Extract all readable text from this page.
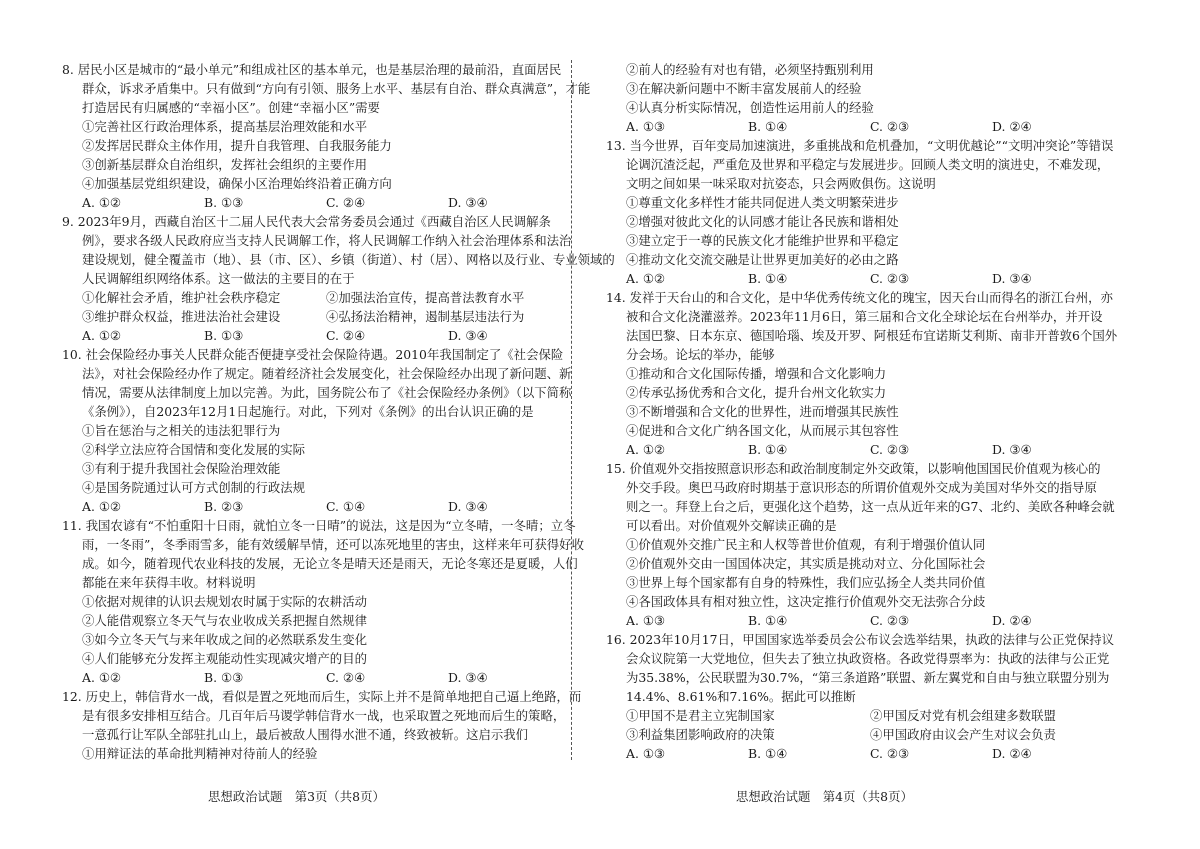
8. 居民小区是城市的“最小单元”和组成社区的基本单元，也是基层治理的最前沿，直面居民
群众，诉求矛盾集中。只有做到“方向有引领、服务上水平、基层有自治、群众真满意”，才能
打造居民有归属感的“幸福小区”。创建“幸福小区”需要
①完善社区行政治理体系，提高基层治理效能和水平
②发挥居民群众主体作用，提升自我管理、自我服务能力
③创新基层群众自治组织，发挥社会组织的主要作用
④加强基层党组织建设，确保小区治理始终沿着正确方向
A. ①②	B. ①③	C. ②④	D. ③④
9. 2023年9月，西藏自治区十二届人民代表大会常务委员会通过《西藏自治区人民调解条
例》，要求各级人民政府应当支持人民调解工作，将人民调解工作纳入社会治理体系和法治
建设规划，健全覆盖市（地）、县（市、区）、乡镇（街道）、村（居）、网格以及行业、专业领域的
人民调解组织网络体系。这一做法的主要目的在于
①化解社会矛盾，维护社会秩序稳定	②加强法治宣传，提高普法教育水平
③维护群众权益，推进法治社会建设	④弘扬法治精神，遏制基层违法行为
A. ①②	B. ①③	C. ②④	D. ③④
10. 社会保险经办事关人民群众能否便捷享受社会保险待遇。2010年我国制定了《社会保险
法》，对社会保险经办作了规定。随着经济社会发展变化，社会保险经办出现了新问题、新
情况，需要从法律制度上加以完善。为此，国务院公布了《社会保险经办条例》（以下简称
《条例》），自2023年12月1日起施行。对此，下列对《条例》的出台认识正确的是
①旨在惩治与之相关的违法犯罪行为
②科学立法应符合国情和变化发展的实际
③有利于提升我国社会保险治理效能
④是国务院通过认可方式创制的行政法规
A. ①②	B. ②③	C. ①④	D. ③④
11. 我国农谚有“不怕重阳十日雨，就怕立冬一日晴”的说法，这是因为“立冬晴，一冬晴；立冬
雨，一冬雨”，冬季雨雪多，能有效缓解旱情，还可以冻死地里的害虫，这样来年可获得好收
成。如今，随着现代农业科技的发展，无论立冬是晴天还是雨天，无论冬寒还是夏暖，人们
都能在来年获得丰收。材料说明
①依据对规律的认识去规划农时属于实际的农耕活动
②人能借观察立冬天气与农业收成关系把握自然规律
③如今立冬天气与来年收成之间的必然联系发生变化
④人们能够充分发挥主观能动性实现减灾增产的目的
A. ①②	B. ①③	C. ②④	D. ③④
12. 历史上，韩信背水一战，看似是置之死地而后生，实际上并不是简单地把自己逼上绝路，而
是有很多安排相互结合。几百年后马谡学韩信背水一战，也采取置之死地而后生的策略，
一意孤行让军队全部驻扎山上，最后被敌人围得水泄不通，终致被斩。这启示我们
①用辩证法的革命批判精神对待前人的经验
②前人的经验有对也有错，必须坚持甄别利用
③在解决新问题中不断丰富发展前人的经验
④认真分析实际情况，创造性运用前人的经验
A. ①③	B. ①④	C. ②③	D. ②④
13. 当今世界，百年变局加速演进，多重挑战和危机叠加，“文明优越论”“文明冲突论”等错误
论调沉渣泛起，严重危及世界和平稳定与发展进步。回顾人类文明的演进史，不难发现，
文明之间如果一味采取对抗姿态，只会两败俱伤。这说明
①尊重文化多样性才能共同促进人类文明繁荣进步
②增强对彼此文化的认同感才能让各民族和谐相处
③建立定于一尊的民族文化才能维护世界和平稳定
④推动文化交流交融是让世界更加美好的必由之路
A. ①②	B. ①④	C. ②③	D. ③④
14. 发祥于天台山的和合文化，是中华优秀传统文化的瑰宝，因天台山而得名的浙江台州，亦
被和合文化浇灌滋养。2023年11月6日，第三届和合文化全球论坛在台州举办，并开设
法国巴黎、日本东京、德国哈瑙、埃及开罗、阿根廷布宜诺斯艾利斯、南非开普敦6个国外
分会场。论坛的举办，能够
①推动和合文化国际传播，增强和合文化影响力
②传承弘扬优秀和合文化，提升台州文化软实力
③不断增强和合文化的世界性，进而增强其民族性
④促进和合文化广纳各国文化，从而展示其包容性
A. ①②	B. ①④	C. ②③	D. ③④
15. 价值观外交指按照意识形态和政治制度制定外交政策，以影响他国国民价值观为核心的
外交手段。奥巴马政府时期基于意识形态的所谓价值观外交成为美国对华外交的指导原
则之一。拜登上台之后，更强化这个趋势，这一点从近年来的G7、北约、美欧各种峰会就
可以看出。对价值观外交解读正确的是
①价值观外交推广民主和人权等普世价值观，有利于增强价值认同
②价值观外交由一国国体决定，其实质是挑动对立、分化国际社会
③世界上每个国家都有自身的特殊性，我们应弘扬全人类共同价值
④各国政体具有相对独立性，这决定推行价值观外交无法弥合分歧
A. ①③	B. ①④	C. ②③	D. ②④
16. 2023年10月17日，甲国国家选举委员会公布议会选举结果，执政的法律与公正党保持议
会众议院第一大党地位，但失去了独立执政资格。各政党得票率为：执政的法律与公正党
为35.38%，公民联盟为30.7%，“第三条道路”联盟、新左翼党和自由与独立联盟分别为
14.4%、8.61%和7.16%。据此可以推断
①甲国不是君主立宪制国家	②甲国反对党有机会组建多数联盟
③利益集团影响政府的决策	④甲国政府由议会产生对议会负责
A. ①③	B. ①④	C. ②③	D. ②④
思想政治试题　第3页（共8页）	思想政治试题　第4页（共8页）
